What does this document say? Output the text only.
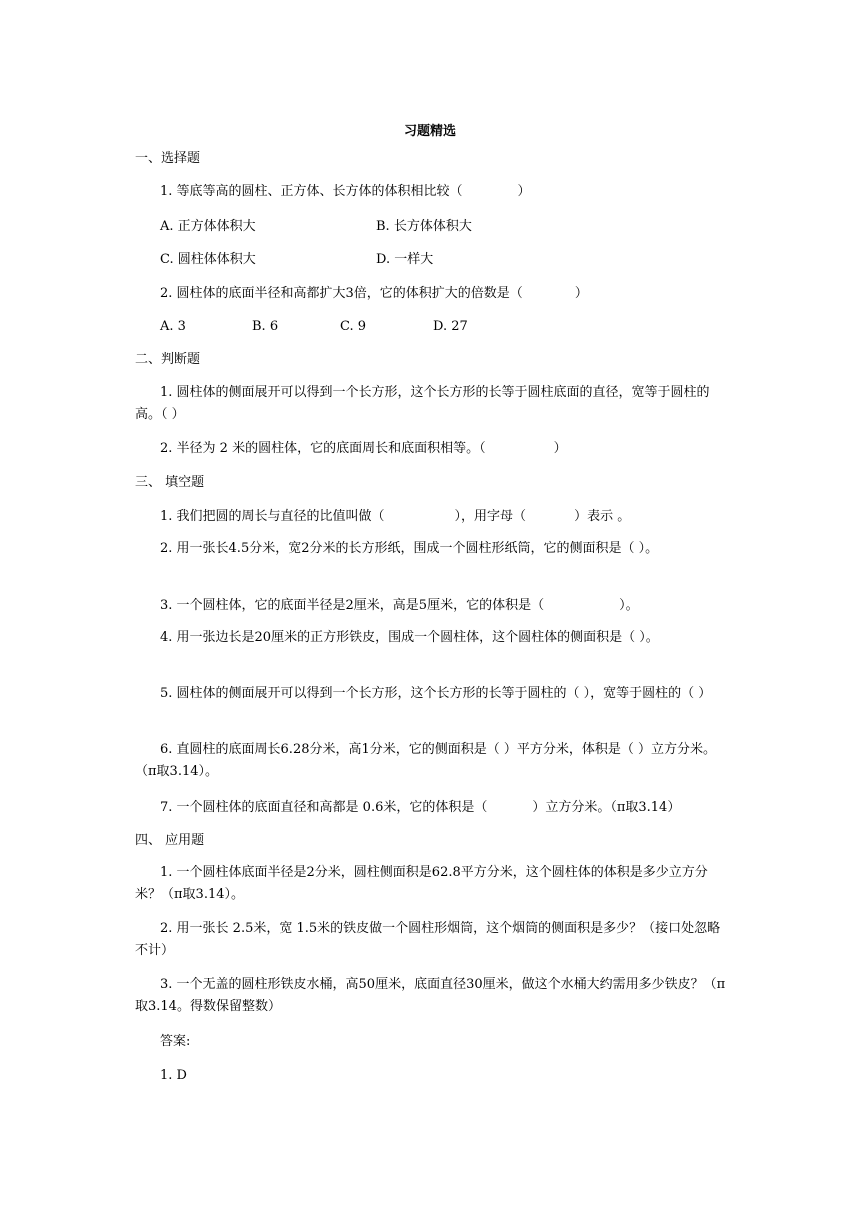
习题精选
一、选择题
1. 等底等高的圆柱、正方体、长方体的体积相比较（	）
A. 正方体体积大	B. 长方体体积大
C. 圆柱体体积大	D. 一样大
2. 圆柱体的底面半径和高都扩大3倍，它的体积扩大的倍数是（	）
A. 3	B. 6	C. 9	D. 27
二、判断题
1. 圆柱体的侧面展开可以得到一个长方形，这个长方形的长等于圆柱底面的直径，宽等于圆柱的高。（ ）
2. 半径为 2 米的圆柱体，它的底面周长和底面积相等。（	）
三、 填空题
1. 我们把圆的周长与直径的比值叫做（	），用字母（	）表示 。
2. 用一张长4.5分米，宽2分米的长方形纸，围成一个圆柱形纸筒，它的侧面积是（ ）。
3. 一个圆柱体，它的底面半径是2厘米，高是5厘米，它的体积是（	）。
4. 用一张边长是20厘米的正方形铁皮，围成一个圆柱体，这个圆柱体的侧面积是（ ）。
5. 圆柱体的侧面展开可以得到一个长方形，这个长方形的长等于圆柱的（ ），宽等于圆柱的（ ）
6. 直圆柱的底面周长6.28分米，高1分米，它的侧面积是（ ）平方分米，体积是（ ）立方分米。（π取3.14）。
7. 一个圆柱体的底面直径和高都是 0.6米，它的体积是（	）立方分米。（π取3.14）
四、 应用题
1. 一个圆柱体底面半径是2分米，圆柱侧面积是62.8平方分米，这个圆柱体的体积是多少立方分米？（π取3.14）。
2. 用一张长 2.5米，宽 1.5米的铁皮做一个圆柱形烟筒，这个烟筒的侧面积是多少？（接口处忽略不计）
3. 一个无盖的圆柱形铁皮水桶，高50厘米，底面直径30厘米，做这个水桶大约需用多少铁皮？（π取3.14。得数保留整数）
答案:
1. D
